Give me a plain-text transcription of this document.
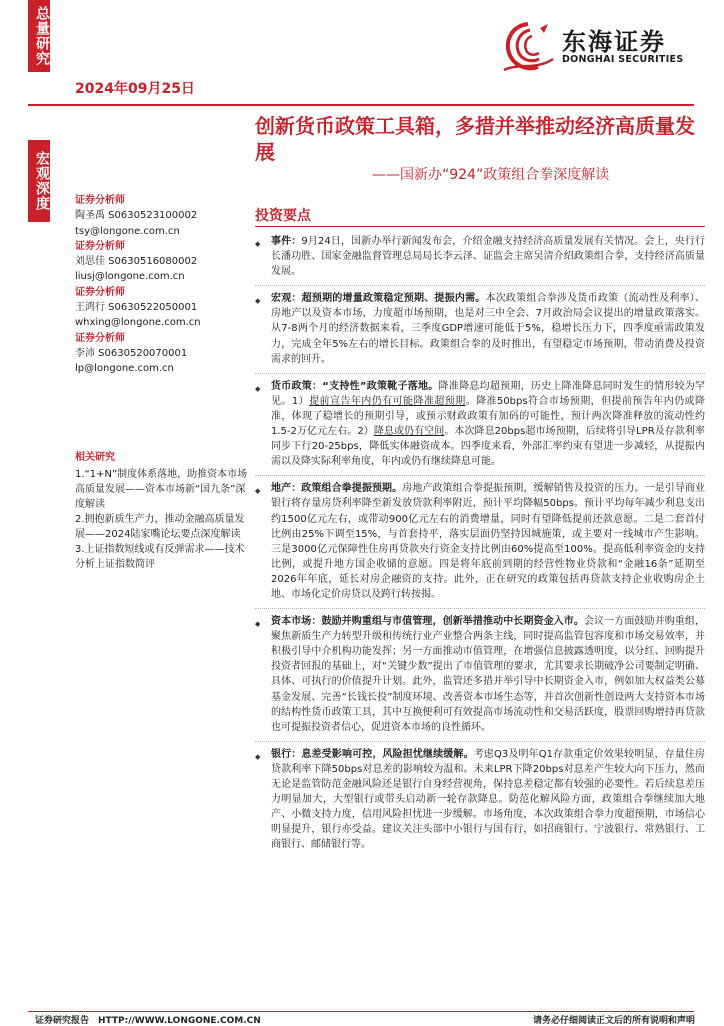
总量研究
宏观深度
2024年09月25日
东海证券
DONGHAI SECURITIES
创新货币政策工具箱，多措并举推动经济高质量发展
——国新办“924”政策组合拳深度解读
证券分析师
陶圣禹 S0630523100002
tsy@longone.com.cn
证券分析师
刘思佳 S0630516080002
liusj@longone.com.cn
证券分析师
王鸿行 S0630522050001
whxing@longone.com.cn
证券分析师
李沛 S0630520070001
lp@longone.com.cn
相关研究
1.“1+N”制度体系落地，助推资本市场高质量发展——资本市场新“国九条”深度解读
2.拥抱新质生产力，推动金融高质量发展——2024陆家嘴论坛要点深度解读
3.上证指数短线或有反弹需求——技术分析上证指数简评
投资要点
◆	事件：9月24日，国新办举行新闻发布会，介绍金融支持经济高质量发展有关情况。会上，央行行长潘功胜、国家金融监督管理总局局长李云泽、证监会主席吴清介绍政策组合拳，支持经济高质量发展。
◆	宏观：超预期的增量政策稳定预期、提振内需。本次政策组合拳涉及货币政策（流动性及利率）、房地产以及资本市场，力度超市场预期，也是对三中全会、7月政治局会议提出的增量政策落实。从7-8两个月的经济数据来看，三季度GDP增速可能低于5%，稳增长压力下，四季度亟需政策发力，完成全年5%左右的增长目标。政策组合拳的及时推出，有望稳定市场预期，带动消费及投资需求的回升。
◆	货币政策：“支持性”政策靴子落地。降准降息均超预期，历史上降准降息同时发生的情形较为罕见。1）提前宣告年内仍有可能降准超预期。降准50bps符合市场预期，但提前预告年内仍或降准，体现了稳增长的预期引导，或预示财政政策有加码的可能性，预计两次降准释放的流动性约1.5-2万亿元左右。2）降息或仍有空间。本次降息20bps超市场预期，后续将引导LPR及存款利率同步下行20-25bps，降低实体融资成本。四季度来看，外部汇率约束有望进一步减轻，从提振内需以及降实际利率角度，年内或仍有继续降息可能。
◆	地产：政策组合拳提振预期。房地产政策组合拳提振预期，缓解销售及投资的压力。一是引导商业银行将存量房贷利率降至新发放贷款利率附近，预计平均降幅50bps。预计平均每年减少利息支出约1500亿元左右，或带动900亿元左右的消费增量，同时有望降低提前还款意愿。二是二套首付比例由25%下调至15%，与首套持平，落实层面仍坚持因城施策，或主要对一线城市产生影响。三是3000亿元保障性住房再贷款央行资金支持比例由60%提高至100%。提高低利率资金的支持比例，或提升地方国企收储的意愿。四是将年底前到期的经营性物业贷款和“金融16条”延期至2026年年底，延长对房企融资的支持。此外，正在研究的政策包括再贷款支持企业收购房企土地、市场化定价房贷以及跨行转按揭。
◆	资本市场：鼓励并购重组与市值管理，创新举措推动中长期资金入市。会议一方面鼓励并购重组，聚焦新质生产力转型升级和传统行业产业整合两条主线，同时提高监管包容度和市场交易效率，并积极引导中介机构功能发挥；另一方面推动市值管理，在增强信息披露透明度，以分红、回购提升投资者回报的基础上，对“关键少数”提出了市值管理的要求，尤其要求长期破净公司要制定明确、具体、可执行的价值提升计划。此外，监管还多措并举引导中长期资金入市，例如加大权益类公募基金发展、完善“长钱长投”制度环境、改善资本市场生态等，并首次创新性创设两大支持资本市场的结构性货币政策工具，其中互换便利可有效提高市场流动性和交易活跃度，股票回购增持再贷款也可提振投资者信心，促进资本市场的良性循环。
◆	银行：息差受影响可控，风险担忧继续缓解。考虑Q3及明年Q1存款重定价效果较明显，存量住房贷款利率下降50bps对息差的影响较为温和。未来LPR下降20bps对息差产生较大向下压力，然而无论是监管防范金融风险还是银行自身经营视角，保持息差稳定都有较强的必要性。若后续息差压力明显加大，大型银行或带头启动新一轮存款降息。防范化解风险方面，政策组合拳继续加大地产、小微支持力度，信用风险担忧进一步缓解。市场角度，本次政策组合拳力度超预期，市场信心明显提升，银行亦受益。建议关注头部中小银行与国有行，如招商银行、宁波银行、常熟银行、工商银行、邮储银行等。
证券研究报告　HTTP://WWW.LONGONE.COM.CN	请务必仔细阅读正文后的所有说明和声明
